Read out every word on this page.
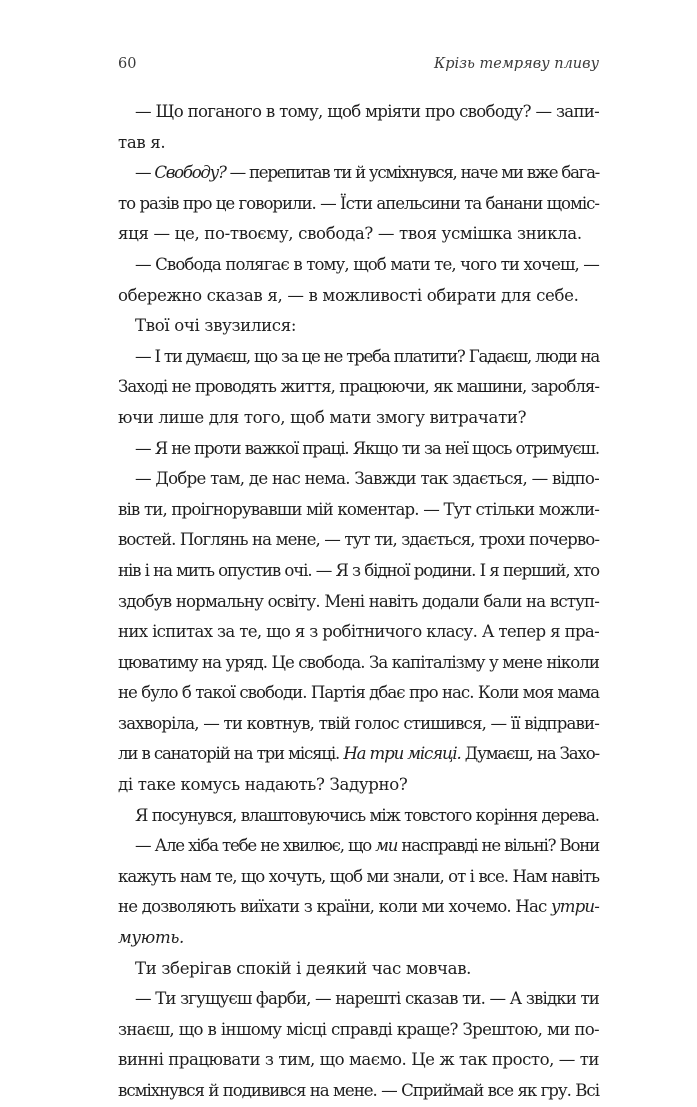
60	Крізь темряву пливу
— Що поганого в тому, щоб мріяти про свободу? — запи-
тав я.
— Свободу? — перепитав ти й усміхнувся, наче ми вже бага-
то разів про це говорили. — Їсти апельсини та банани щоміс-
яця — це, по-твоєму, свобода? — твоя усмішка зникла.
— Свобода полягає в тому, щоб мати те, чого ти хочеш, —
обережно сказав я, — в можливості обирати для себе.
Твої очі звузилися:
— І ти думаєш, що за це не треба платити? Гадаєш, люди на
Заході не проводять життя, працюючи, як машини, заробля-
ючи лише для того, щоб мати змогу витрачати?
— Я не проти важкої праці. Якщо ти за неї щось отримуєш.
— Добре там, де нас нема. Завжди так здається, — відпо-
вів ти, проігнорувавши мій коментар. — Тут стільки можли-
востей. Поглянь на мене, — тут ти, здається, трохи почерво-
нів і на мить опустив очі. — Я з бідної родини. І я перший, хто
здобув нормальну освіту. Мені навіть додали бали на вступ-
них іспитах за те, що я з робітничого класу. А тепер я пра-
цюватиму на уряд. Це свобода. За капіталізму у мене ніколи
не було б такої свободи. Партія дбає про нас. Коли моя мама
захворіла, — ти ковтнув, твій голос стишився, — її відправи-
ли в санаторій на три місяці. На три місяці. Думаєш, на Захо-
ді таке комусь надають? Задурно?
Я посунувся, влаштовуючись між товстого коріння дерева.
— Але хіба тебе не хвилює, що ми насправді не вільні? Вони
кажуть нам те, що хочуть, щоб ми знали, от і все. Нам навіть
не дозволяють виїхати з країни, коли ми хочемо. Нас утри-
мують.
Ти зберігав спокій і деякий час мовчав.
— Ти згущуєш фарби, — нарешті сказав ти. — А звідки ти
знаєш, що в іншому місці справді краще? Зрештою, ми по-
винні працювати з тим, що маємо. Це ж так просто, — ти
всміхнувся й подивився на мене. — Сприймай все як гру. Всі
